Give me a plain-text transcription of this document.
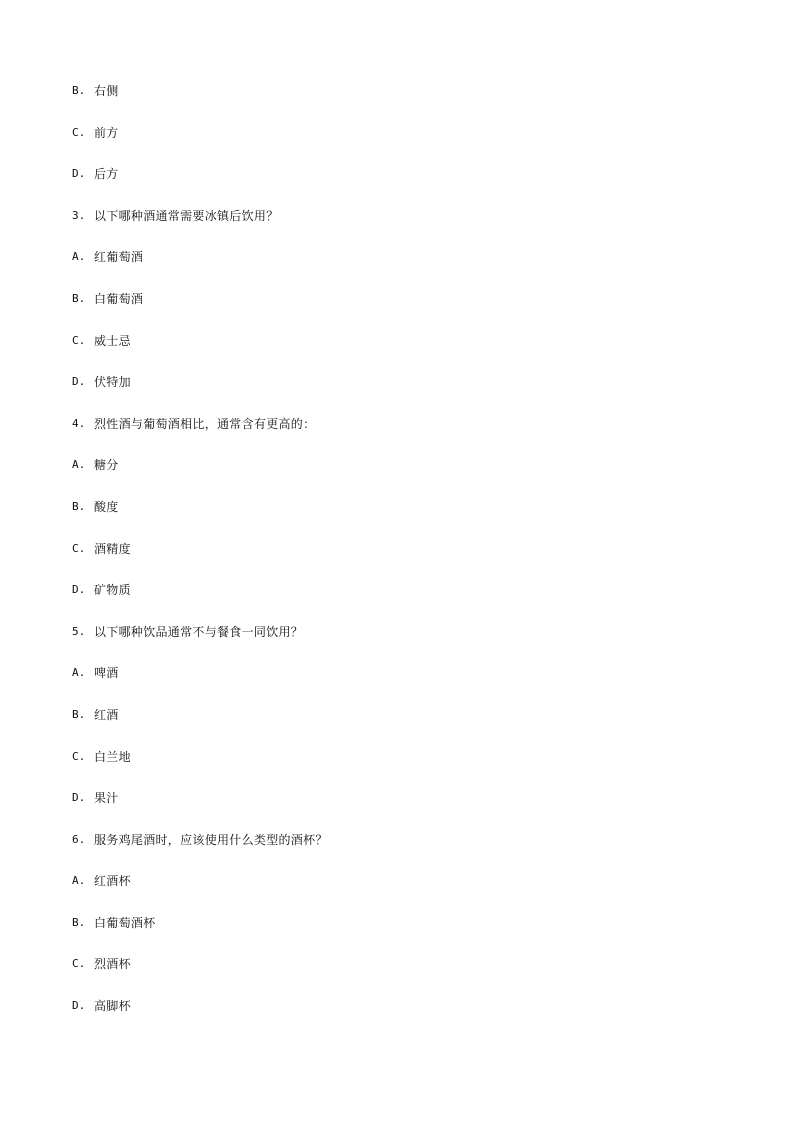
B. 右侧
C. 前方
D. 后方
3. 以下哪种酒通常需要冰镇后饮用？
A. 红葡萄酒
B. 白葡萄酒
C. 威士忌
D. 伏特加
4. 烈性酒与葡萄酒相比，通常含有更高的：
A. 糖分
B. 酸度
C. 酒精度
D. 矿物质
5. 以下哪种饮品通常不与餐食一同饮用？
A. 啤酒
B. 红酒
C. 白兰地
D. 果汁
6. 服务鸡尾酒时，应该使用什么类型的酒杯？
A. 红酒杯
B. 白葡萄酒杯
C. 烈酒杯
D. 高脚杯
